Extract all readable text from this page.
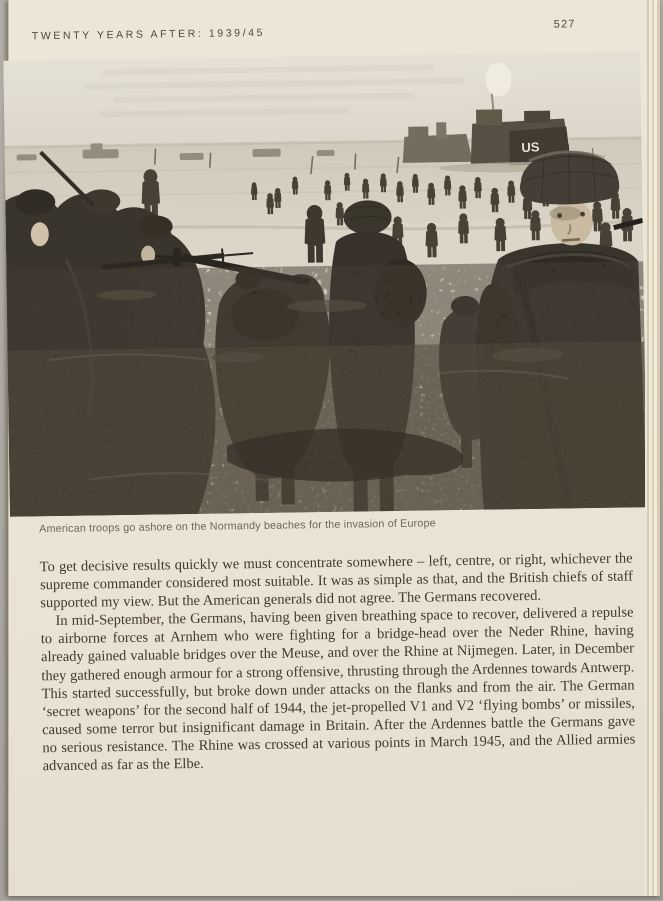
TWENTY YEARS AFTER: 1939/45
527
US
American troops go ashore on the Normandy beaches for the invasion of Europe

To get decisive results quickly we must concentrate somewhere – left, centre, or right, whichever the supreme commander considered most suitable. It was as simple as that, and the British chiefs of staff supported my view. But the American generals did not agree. The Germans recovered.

In mid-September, the Germans, having been given breathing space to recover, delivered a repulse to airborne forces at Arnhem who were fighting for a bridge-head over the Neder Rhine, having already gained valuable bridges over the Meuse, and over the Rhine at Nijmegen. Later, in December they gathered enough armour for a strong offensive, thrusting through the Ardennes towards Antwerp. This started successfully, but broke down under attacks on the flanks and from the air. The German ‘secret weapons’ for the second half of 1944, the jet-propelled V1 and V2 ‘flying bombs’ or missiles, caused some terror but insignificant damage in Britain. After the Ardennes battle the Germans gave no serious resistance. The Rhine was crossed at various points in March 1945, and the Allied armies advanced as far as the Elbe.
